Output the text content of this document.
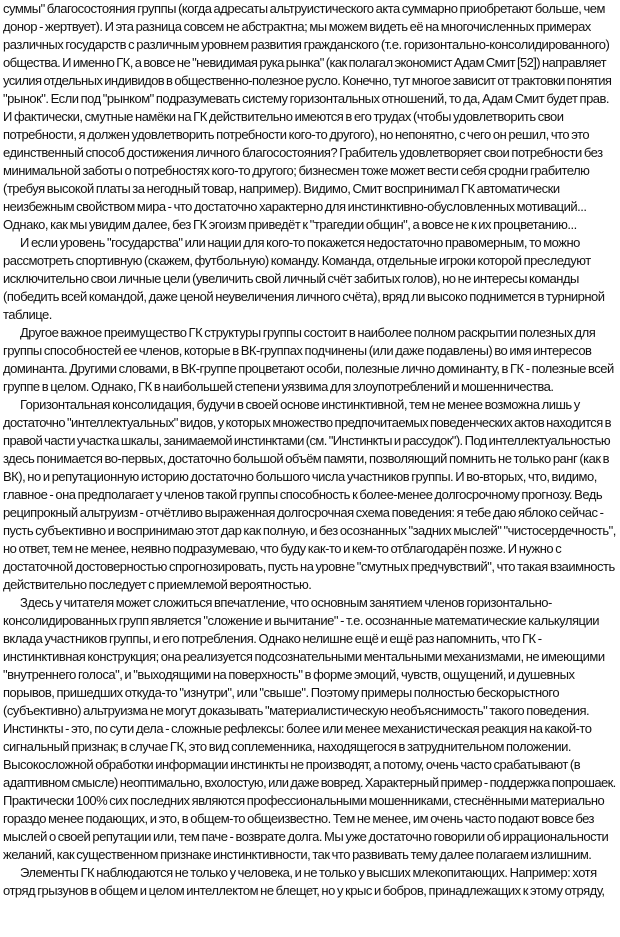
суммы" благосостояния группы (когда адресаты альтруистического акта суммарно приобретают больше, чем
донор - жертвует). И эта разница совсем не абстрактна; мы можем видеть её на многочисленных примерах
различных государств с различным уровнем развития гражданского (т.е. горизонтально-консолидированного)
общества. И именно ГК, а вовсе не "невидимая рука рынка" (как полагал экономист Адам Смит [52]) направляет
усилия отдельных индивидов в общественно-полезное русло. Конечно, тут многое зависит от трактовки понятия
"рынок". Если под "рынком" подразумевать систему горизонтальных отношений, то да, Адам Смит будет прав.
И фактически, смутные намёки на ГК действительно имеются в его трудах (чтобы удовлетворить свои
потребности, я должен удовлетворить потребности кого-то другого), но непонятно, с чего он решил, что это
единственный способ достижения личного благосостояния? Грабитель удовлетворяет свои потребности без
минимальной заботы о потребностях кого-то другого; бизнесмен тоже может вести себя сродни грабителю
(требуя высокой платы за негодный товар, например). Видимо, Смит воспринимал ГК автоматически
неизбежным свойством мира - что достаточно характерно для инстинктивно-обусловленных мотиваций...
Однако, как мы увидим далее, без ГК эгоизм приведёт к "трагедии общин", а вовсе не к их процветанию...

И если уровень "государства" или нации для кого-то покажется недостаточно правомерным, то можно
рассмотреть спортивную (скажем, футбольную) команду. Команда, отдельные игроки которой преследуют
исключительно свои личные цели (увеличить свой личный счёт забитых голов), но не интересы команды
(победить всей командой, даже ценой неувеличения личного счёта), вряд ли высоко поднимется в турнирной
таблице.

Другое важное преимущество ГК структуры группы состоит в наиболее полном раскрытии полезных для
группы способностей ее членов, которые в ВК-группах подчинены (или даже подавлены) во имя интересов
доминанта. Другими словами, в ВК-группе процветают особи, полезные лично доминанту, в ГК - полезные всей
группе в целом. Однако, ГК в наибольшей степени уязвима для злоупотреблений и мошенничества.

Горизонтальная консолидация, будучи в своей основе инстинктивной, тем не менее возможна лишь у
достаточно "интеллектуальных" видов, у которых множество предпочитаемых поведенческих актов находится в
правой части участка шкалы, занимаемой инстинктами (см. "Инстинкты и рассудок"). Под интеллектуальностью
здесь понимается во-первых, достаточно большой объём памяти, позволяющий помнить не только ранг (как в
ВК), но и репутационную историю достаточно большого числа участников группы. И во-вторых, что, видимо,
главное - она предполагает у членов такой группы способность к более-менее долгосрочному прогнозу. Ведь
реципрокный альтруизм - отчётливо выраженная долгосрочная схема поведения: я тебе даю яблоко сейчас -
пусть субъективно и воспринимаю этот дар как полную, и без осознанных "задних мыслей" "чистосердечность",
но ответ, тем не менее, неявно подразумеваю, что буду как-то и кем-то отблагодарён позже. И нужно с
достаточной достоверностью спрогнозировать, пусть на уровне "смутных предчувствий", что такая взаимность
действительно последует с приемлемой вероятностью.

Здесь у читателя может сложиться впечатление, что основным занятием членов горизонтально-
консолидированных групп является "сложение и вычитание" - т.е. осознанные математические калькуляции
вклада участников группы, и его потребления. Однако нелишне ещё и ещё раз напомнить, что ГК -
инстинктивная конструкция; она реализуется подсознательными ментальными механизмами, не имеющими
"внутреннего голоса", и "выходящими на поверхность" в форме эмоций, чувств, ощущений, и душевных
порывов, пришедших откуда-то "изнутри", или "свыше". Поэтому примеры полностью бескорыстного
(субъективно) альтруизма не могут доказывать "материалистическую необъяснимость" такого поведения.
Инстинкты - это, по сути дела - сложные рефлексы: более или менее механистическая реакция на какой-то
сигнальный признак; в случае ГК, это вид соплеменника, находящегося в затруднительном положении.
Высокосложной обработки информации инстинкты не производят, а потому, очень часто срабатывают (в
адаптивном смысле) неоптимально, вхолостую, или даже вовред. Характерный пример - поддержка попрошаек.
Практически 100% сих последних являются профессиональными мошенниками, стеснёнными материально
гораздо менее подающих, и это, в общем-то общеизвестно. Тем не менее, им очень часто подают вовсе без
мыслей о своей репутации или, тем паче - возврате долга. Мы уже достаточно говорили об иррациональности
желаний, как существенном признаке инстинктивности, так что развивать тему далее полагаем излишним.

Элементы ГК наблюдаются не только у человека, и не только у высших млекопитающих. Например: хотя
отряд грызунов в общем и целом интеллектом не блещет, но у крыс и бобров, принадлежащих к этому отряду,
